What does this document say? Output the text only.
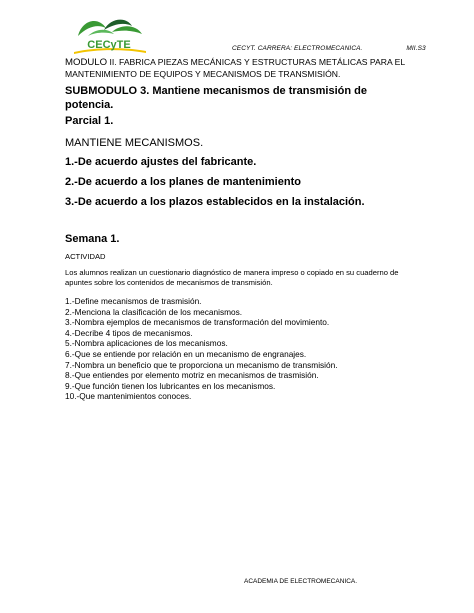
CECyTE	CECYT. CARRERA: ELECTROMECANICA.	MII.S3
MODULO II. FABRICA PIEZAS MECÁNICAS Y ESTRUCTURAS METÁLICAS PARA EL MANTENIMIENTO DE EQUIPOS Y MECANISMOS DE TRANSMISIÓN.
SUBMODULO 3. Mantiene mecanismos de transmisión de potencia.
Parcial 1.
MANTIENE MECANISMOS.
1.-De acuerdo ajustes del fabricante.
2.-De acuerdo a los planes de mantenimiento
3.-De acuerdo a los plazos establecidos en la instalación.
Semana 1.
ACTIVIDAD
Los alumnos realizan un cuestionario diagnóstico de manera impreso o copiado en su cuaderno de apuntes sobre los contenidos de mecanismos de transmisión.
1.-Define mecanismos de trasmisión.
2.-Menciona la clasificación de los mecanismos.
3.-Nombra ejemplos de mecanismos de transformación del movimiento.
4.-Decribe 4 tipos de mecanismos.
5.-Nombra aplicaciones de los mecanismos.
6.-Que se entiende por relación en un mecanismo de engranajes.
7.-Nombra un beneficio que te proporciona un mecanismo de transmisión.
8.-Que entiendes por elemento motriz en mecanismos de trasmisión.
9.-Que función tienen los lubricantes en los mecanismos.
10.-Que mantenimientos conoces.
ACADEMIA DE ELECTROMECANICA.
